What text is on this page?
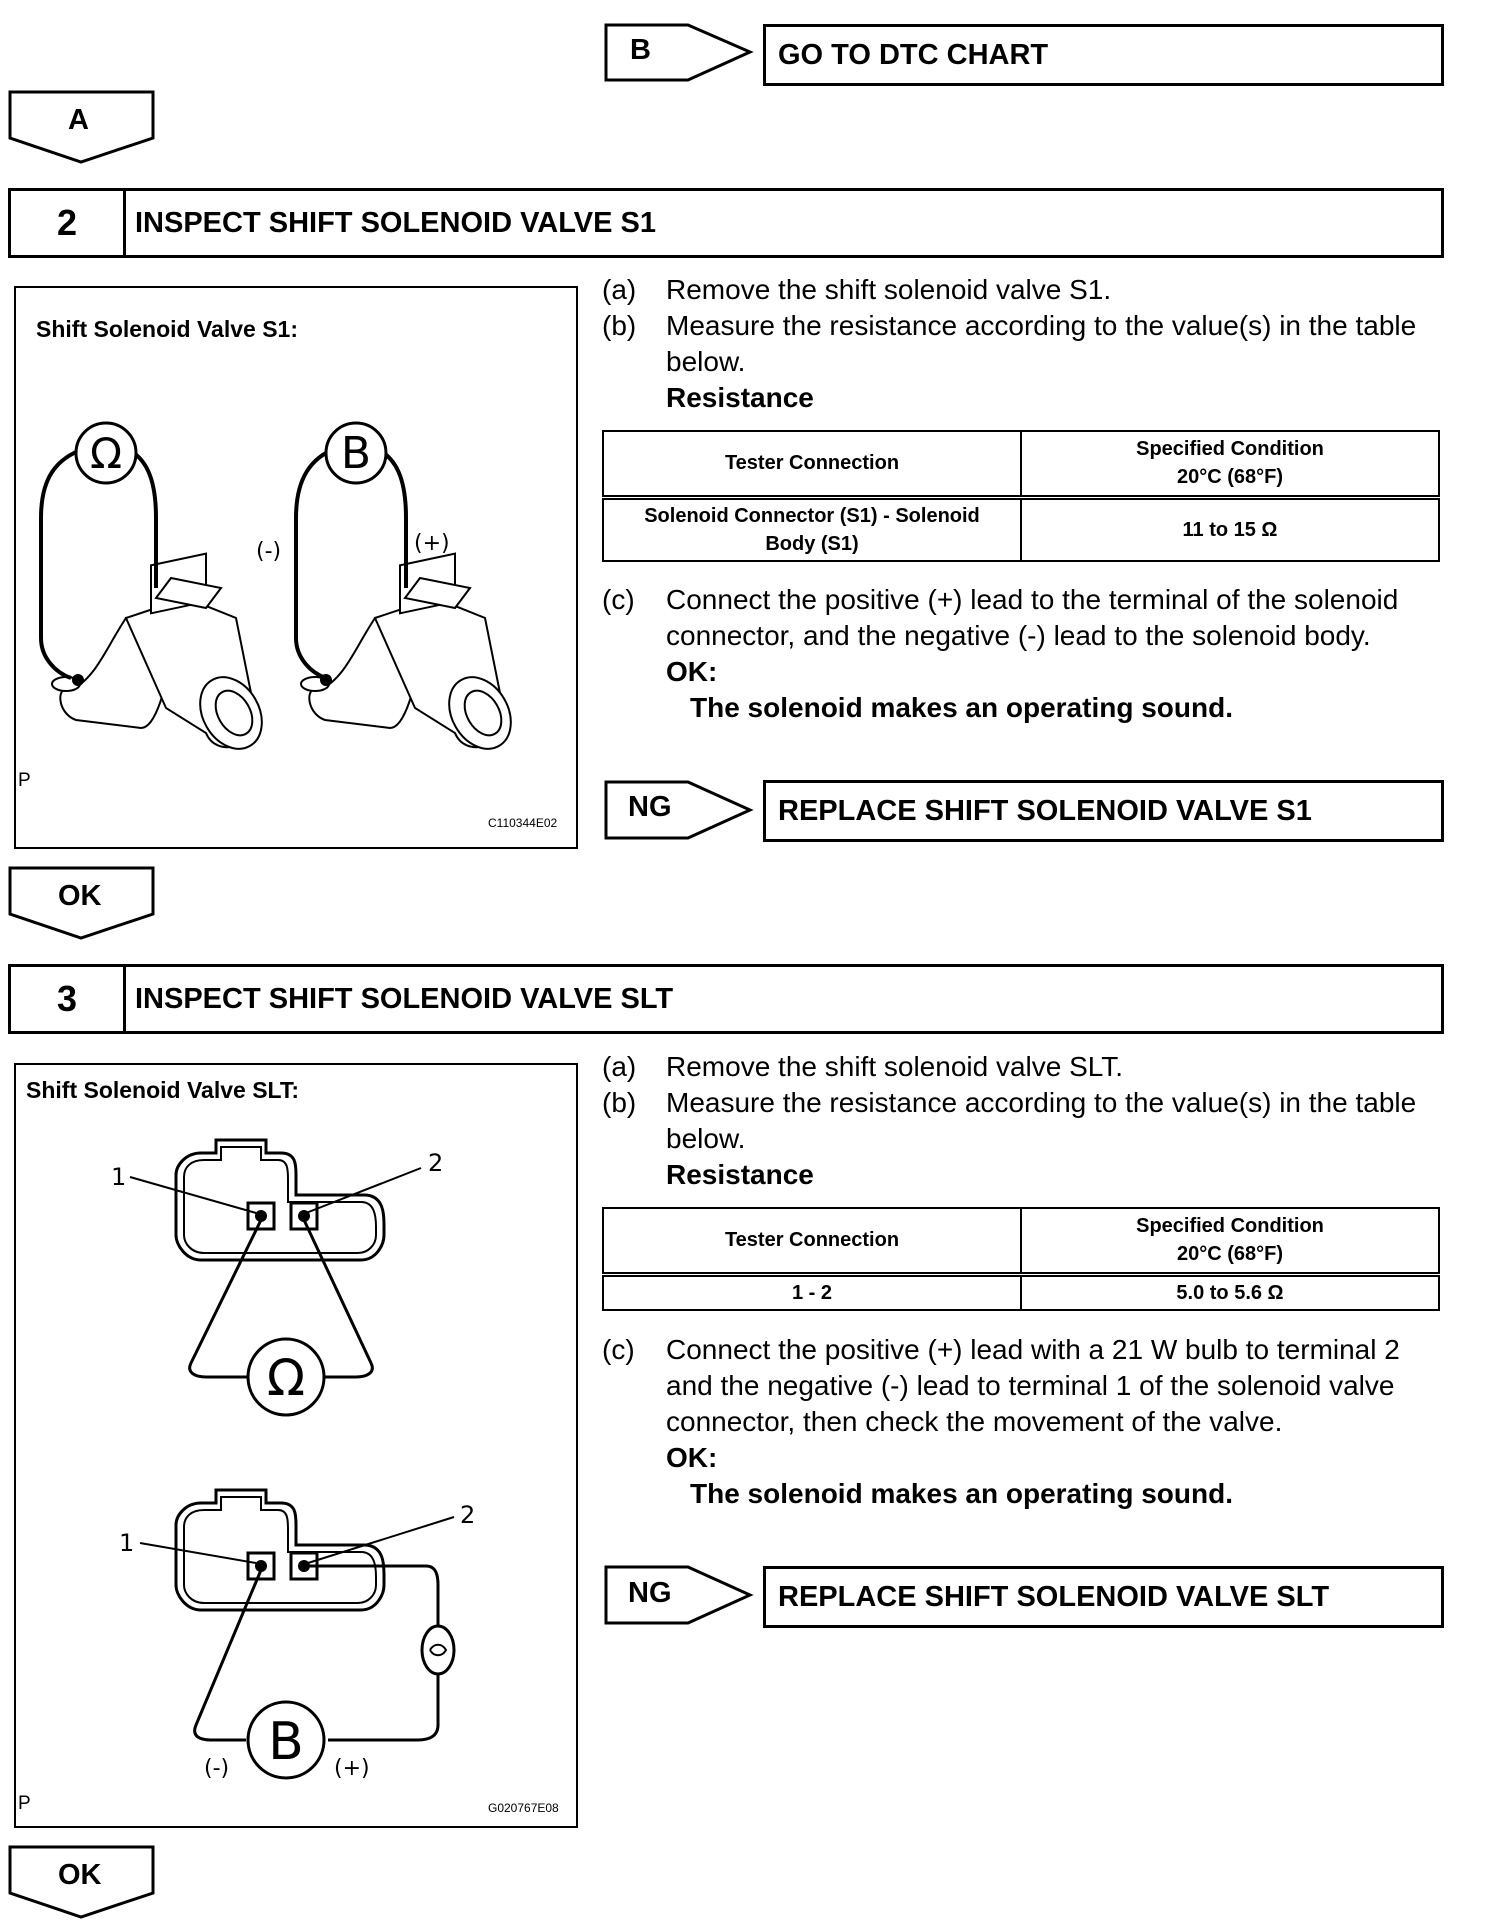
B	GO TO DTC CHART
A
2	INSPECT SHIFT SOLENOID VALVE S1
Shift Solenoid Valve S1:
Ω	B
(-)	(+)
P
C110344E02
(a)	Remove the shift solenoid valve S1.
(b)	Measure the resistance according to the value(s) in the table below.
Resistance
Tester Connection	Specified Condition
20°C (68°F)
Solenoid Connector (S1) - Solenoid
Body (S1)	11 to 15 Ω
(c)	Connect the positive (+) lead to the terminal of the solenoid connector, and the negative (-) lead to the solenoid body.
OK:
The solenoid makes an operating sound.
NG	REPLACE SHIFT SOLENOID VALVE S1
OK
3	INSPECT SHIFT SOLENOID VALVE SLT
Shift Solenoid Valve SLT:
1	2
Ω
1
2
B
(-)	(+)
P	G020767E08
(a)	Remove the shift solenoid valve SLT.
(b)	Measure the resistance according to the value(s) in the table below.
Resistance
Tester Connection	Specified Condition
20°C (68°F)
1 - 2	5.0 to 5.6 Ω
(c)	Connect the positive (+) lead with a 21 W bulb to terminal 2 and the negative (-) lead to terminal 1 of the solenoid valve connector, then check the movement of the valve.
OK:
The solenoid makes an operating sound.
NG	REPLACE SHIFT SOLENOID VALVE SLT
OK
